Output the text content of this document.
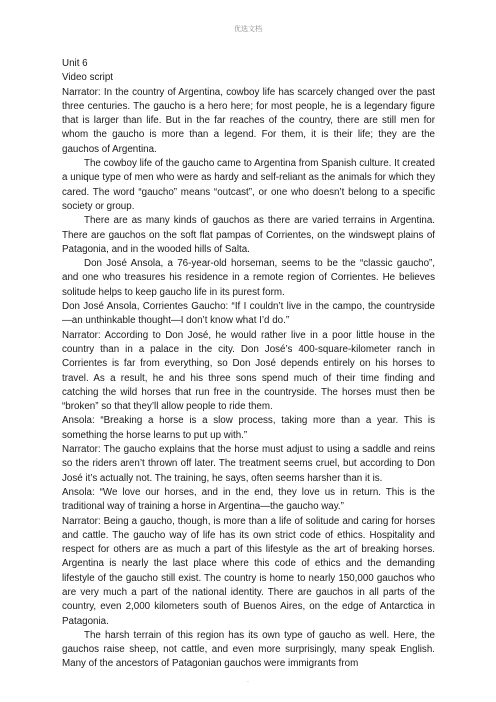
优选文档

Unit 6

Video script

Narrator: In the country of Argentina, cowboy life has scarcely changed over the past three centuries. The gaucho is a hero here; for most people, he is a legendary figure that is larger than life. But in the far reaches of the country, there are still men for whom the gaucho is more than a legend. For them, it is their life; they are the gauchos of Argentina.

The cowboy life of the gaucho came to Argentina from Spanish culture. It created a unique type of men who were as hardy and self-reliant as the animals for which they cared. The word “gaucho” means “outcast”, or one who doesn’t belong to a specific society or group.

There are as many kinds of gauchos as there are varied terrains in Argentina. There are gauchos on the soft flat pampas of Corrientes, on the windswept plains of Patagonia, and in the wooded hills of Salta.

Don José Ansola, a 76-year-old horseman, seems to be the “classic gaucho”, and one who treasures his residence in a remote region of Corrientes. He believes solitude helps to keep gaucho life in its purest form.

Don José Ansola, Corrientes Gaucho: “If I couldn’t live in the campo, the countryside—an unthinkable thought—I don’t know what I’d do.”

Narrator: According to Don José, he would rather live in a poor little house in the country than in a palace in the city. Don José’s 400-square-kilometer ranch in Corrientes is far from everything, so Don José depends entirely on his horses to travel. As a result, he and his three sons spend much of their time finding and catching the wild horses that run free in the countryside. The horses must then be “broken” so that they’ll allow people to ride them.

Ansola: “Breaking a horse is a slow process, taking more than a year. This is something the horse learns to put up with.”

Narrator: The gaucho explains that the horse must adjust to using a saddle and reins so the riders aren’t thrown off later. The treatment seems cruel, but according to Don José it’s actually not. The training, he says, often seems harsher than it is.

Ansola: “We love our horses, and in the end, they love us in return. This is the traditional way of training a horse in Argentina—the gaucho way.”

Narrator: Being a gaucho, though, is more than a life of solitude and caring for horses and cattle. The gaucho way of life has its own strict code of ethics. Hospitality and respect for others are as much a part of this lifestyle as the art of breaking horses. Argentina is nearly the last place where this code of ethics and the demanding lifestyle of the gaucho still exist. The country is home to nearly 150,000 gauchos who are very much a part of the national identity. There are gauchos in all parts of the country, even 2,000 kilometers south of Buenos Aires, on the edge of Antarctica in Patagonia.

The harsh terrain of this region has its own type of gaucho as well. Here, the gauchos raise sheep, not cattle, and even more surprisingly, many speak English. Many of the ancestors of Patagonian gauchos were immigrants from

.
